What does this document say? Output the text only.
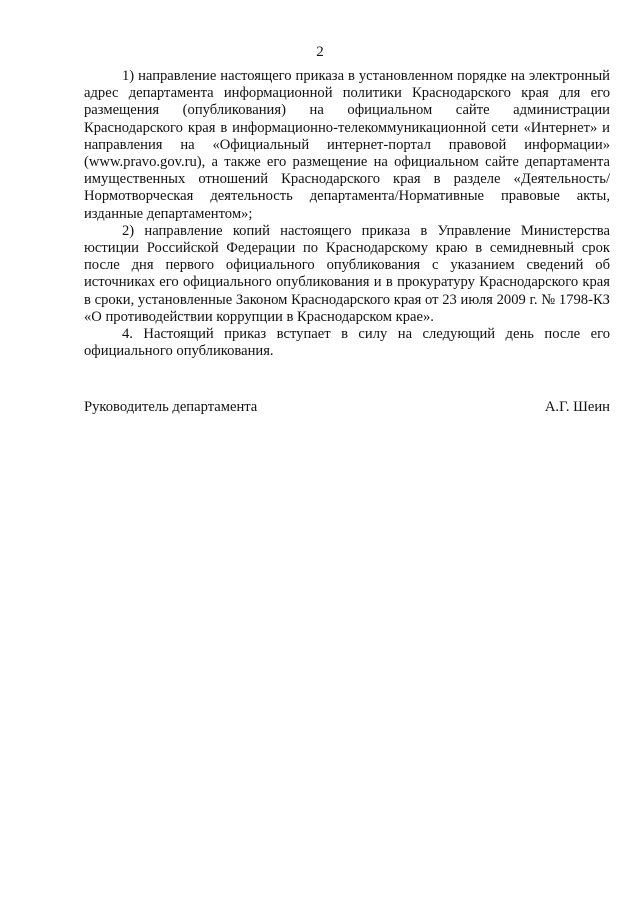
2

1) направление настоящего приказа в установленном порядке на электронный адрес департамента информационной политики Краснодарского края для его размещения (опубликования) на официальном сайте администрации Краснодарского края в информационно-телекоммуникационной сети «Интернет» и направления на «Официальный интернет-портал правовой информации» (www.pravo.gov.ru), а также его размещение на официальном сайте департамента имущественных отношений Краснодарского края в разделе «Деятельность/Нормотворческая деятельность департамента/Нормативные правовые акты, изданные департаментом»;

2) направление копий настоящего приказа в Управление Министерства юстиции Российской Федерации по Краснодарскому краю в семидневный срок после дня первого официального опубликования с указанием сведений об источниках его официального опубликования и в прокуратуру Краснодарского края в сроки, установленные Законом Краснодарского края от 23 июля 2009 г. № 1798-КЗ «О противодействии коррупции в Краснодарском крае».

4. Настоящий приказ вступает в силу на следующий день после его официального опубликования.

Руководитель департамента	А.Г. Шеин
